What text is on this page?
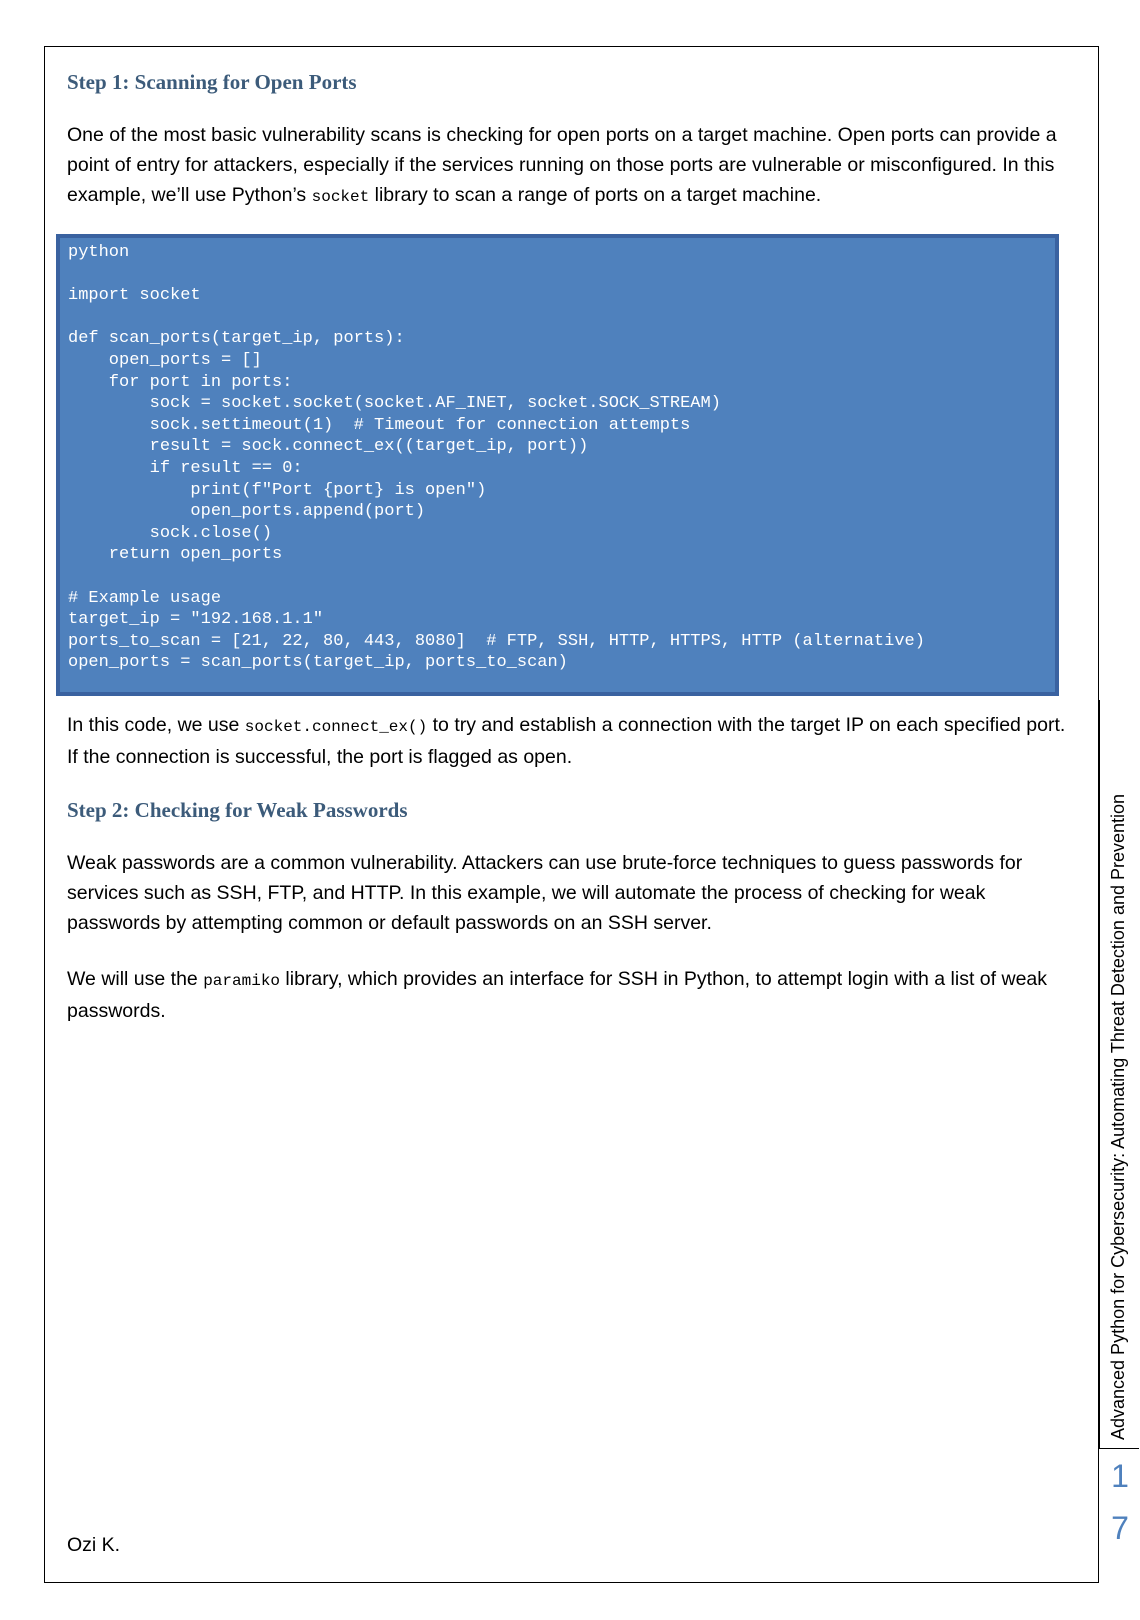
Step 1: Scanning for Open Ports

One of the most basic vulnerability scans is checking for open ports on a target machine. Open ports can provide a point of entry for attackers, especially if the services running on those ports are vulnerable or misconfigured. In this example, we’ll use Python’s socket library to scan a range of ports on a target machine.

python

import socket

def scan_ports(target_ip, ports):
open_ports = []
for port in ports:
sock = socket.socket(socket.AF_INET, socket.SOCK_STREAM)
sock.settimeout(1)  # Timeout for connection attempts
result = sock.connect_ex((target_ip, port))
if result == 0:
print(f"Port {port} is open")
open_ports.append(port)
sock.close()
return open_ports

# Example usage
target_ip = "192.168.1.1"
ports_to_scan = [21, 22, 80, 443, 8080]  # FTP, SSH, HTTP, HTTPS, HTTP (alternative)
open_ports = scan_ports(target_ip, ports_to_scan)

In this code, we use socket.connect_ex() to try and establish a connection with the target IP on each specified port. If the connection is successful, the port is flagged as open.

Step 2: Checking for Weak Passwords

Weak passwords are a common vulnerability. Attackers can use brute-force techniques to guess passwords for services such as SSH, FTP, and HTTP. In this example, we will automate the process of checking for weak passwords by attempting common or default passwords on an SSH server.

We will use the paramiko library, which provides an interface for SSH in Python, to attempt login with a list of weak passwords.

Ozi K.
Advanced Python for Cybersecurity: Automating Threat Detection and Prevention
1
7
